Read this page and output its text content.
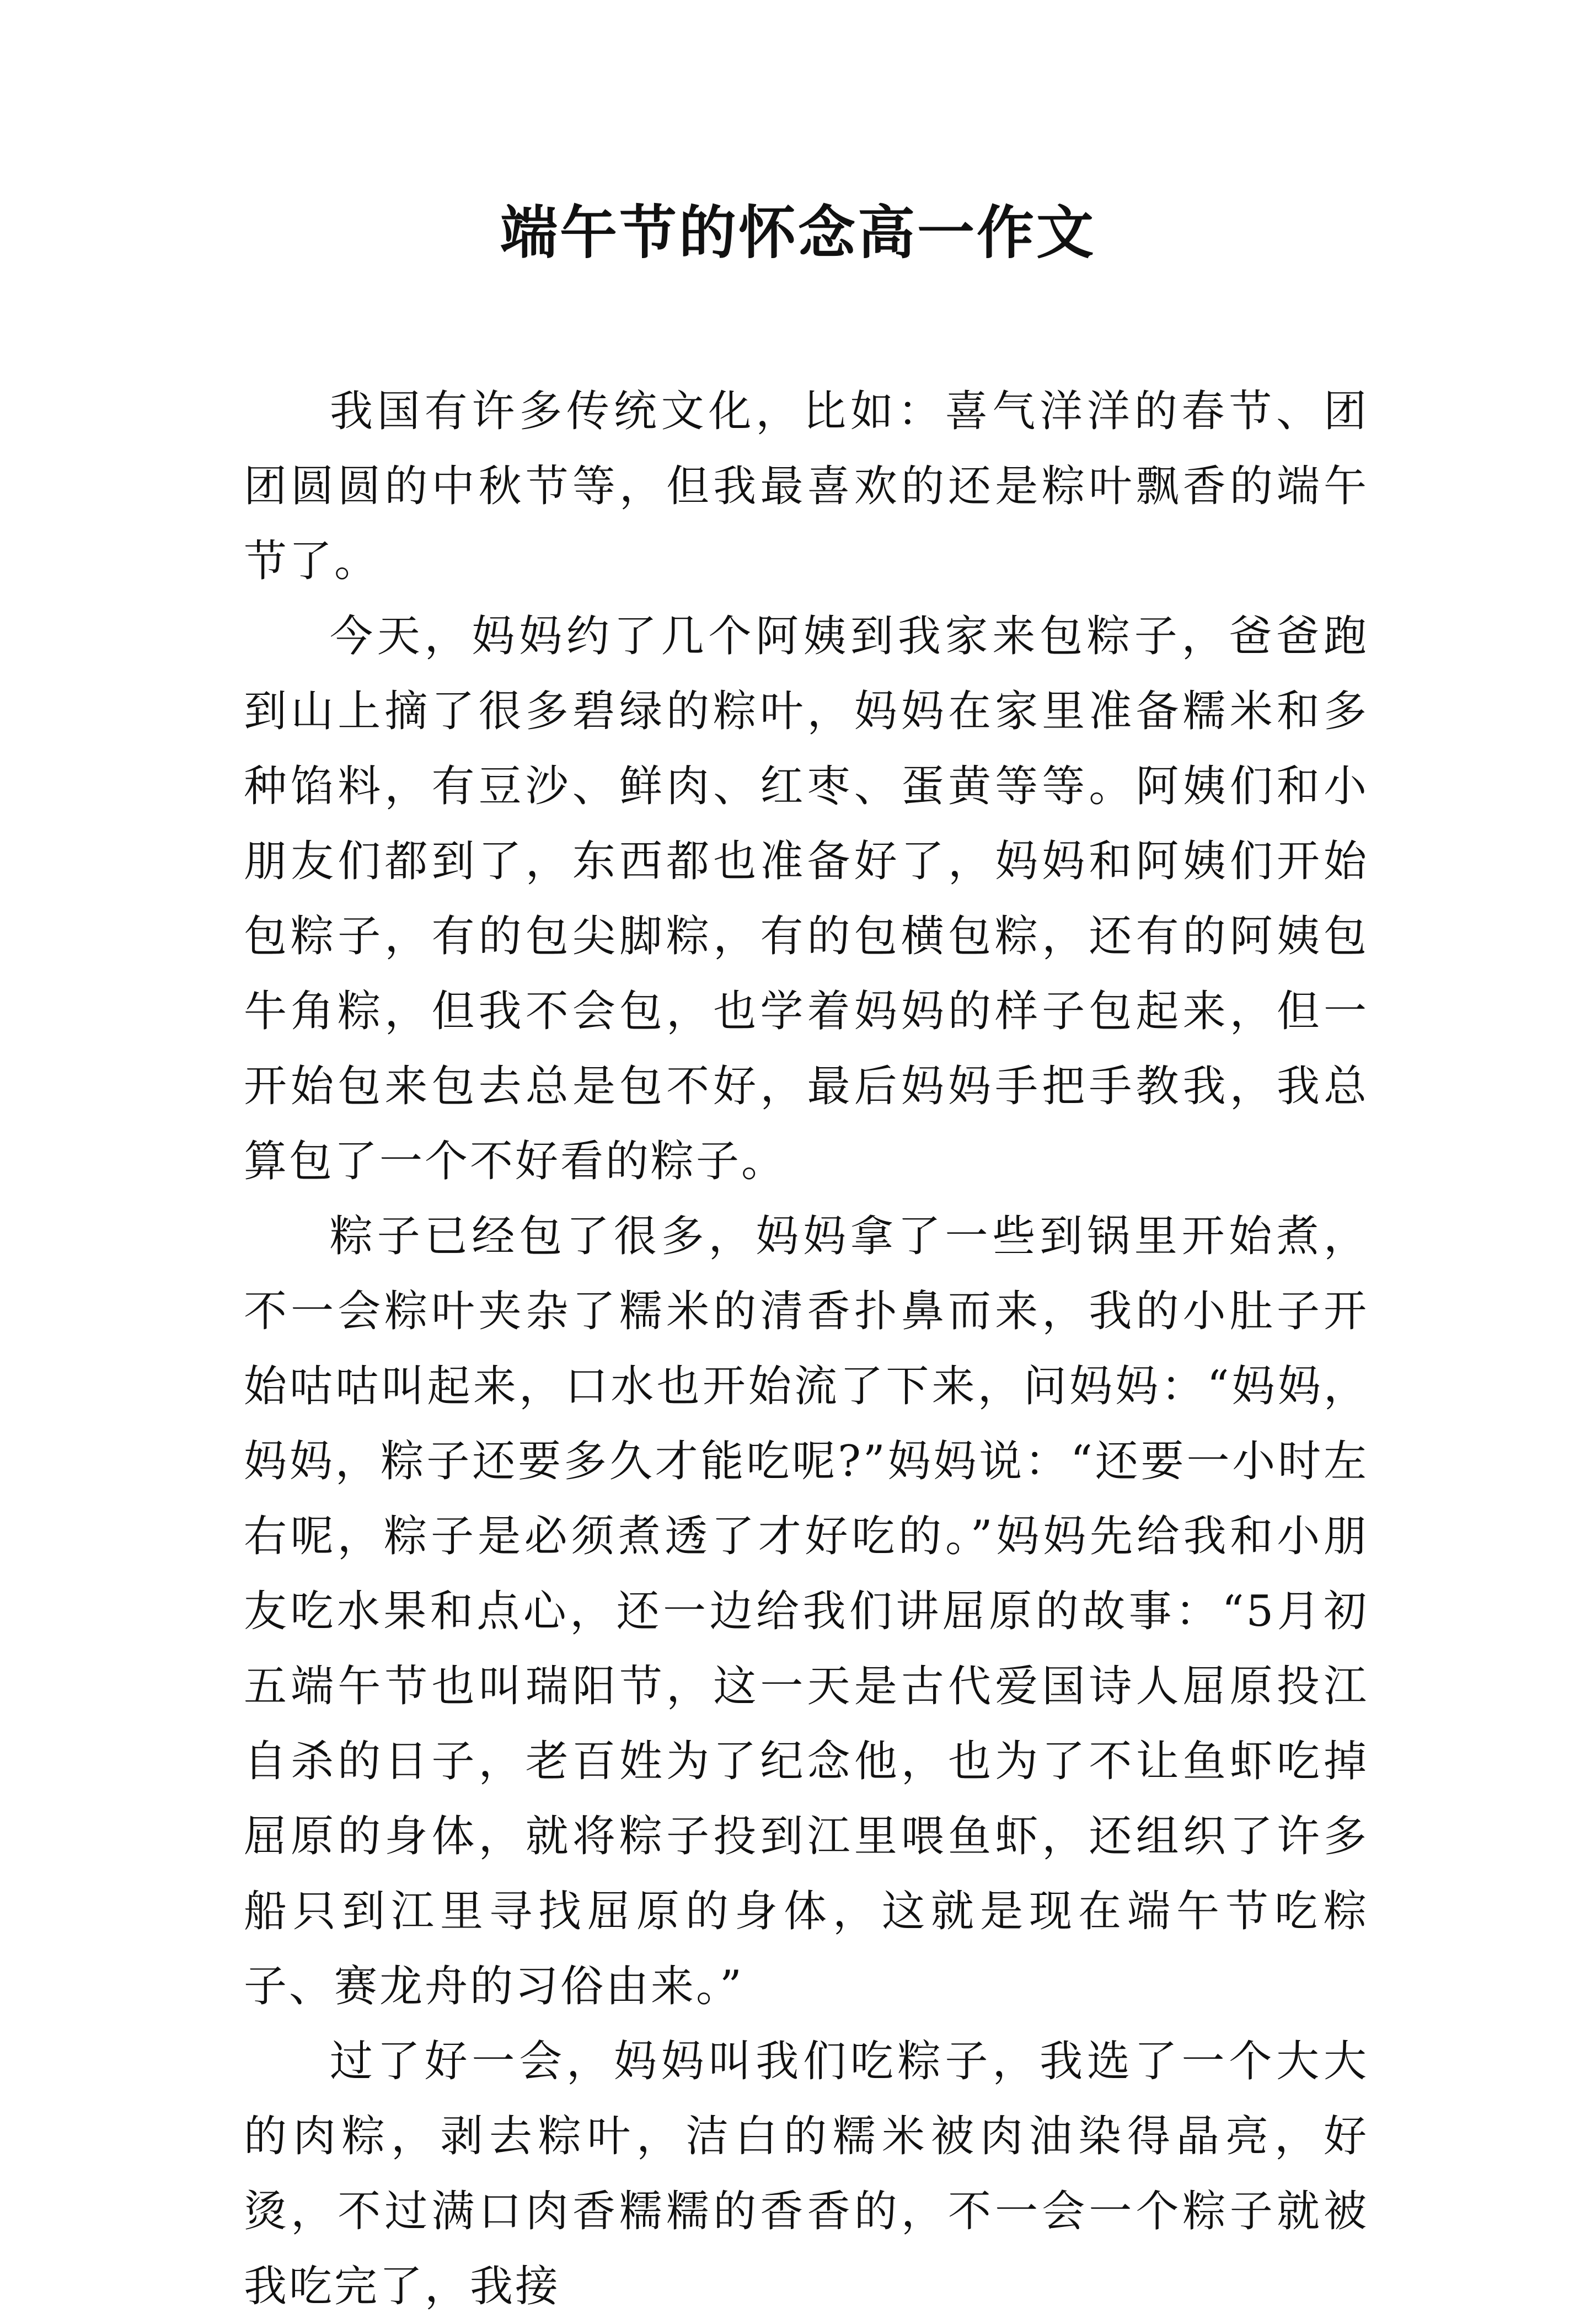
端午节的怀念高一作文

我国有许多传统文化，比如：喜气洋洋的春节、团团圆圆的中秋节等，但我最喜欢的还是粽叶飘香的端午节了。

今天，妈妈约了几个阿姨到我家来包粽子，爸爸跑到山上摘了很多碧绿的粽叶，妈妈在家里准备糯米和多种馅料，有豆沙、鲜肉、红枣、蛋黄等等。阿姨们和小朋友们都到了，东西都也准备好了，妈妈和阿姨们开始包粽子，有的包尖脚粽，有的包横包粽，还有的阿姨包牛角粽，但我不会包，也学着妈妈的样子包起来，但一开始包来包去总是包不好，最后妈妈手把手教我，我总算包了一个不好看的粽子。

粽子已经包了很多，妈妈拿了一些到锅里开始煮，不一会粽叶夹杂了糯米的清香扑鼻而来，我的小肚子开始咕咕叫起来，口水也开始流了下来，问妈妈：“妈妈，妈妈，粽子还要多久才能吃呢?”妈妈说：“还要一小时左右呢，粽子是必须煮透了才好吃的。”妈妈先给我和小朋友吃水果和点心，还一边给我们讲屈原的故事：“5月初五端午节也叫瑞阳节，这一天是古代爱国诗人屈原投江自杀的日子，老百姓为了纪念他，也为了不让鱼虾吃掉屈原的身体，就将粽子投到江里喂鱼虾，还组织了许多船只到江里寻找屈原的身体，这就是现在端午节吃粽子、赛龙舟的习俗由来。”

过了好一会，妈妈叫我们吃粽子，我选了一个大大的肉粽，剥去粽叶，洁白的糯米被肉油染得晶亮，好烫，不过满口肉香糯糯的香香的，不一会一个粽子就被我吃完了，我接
